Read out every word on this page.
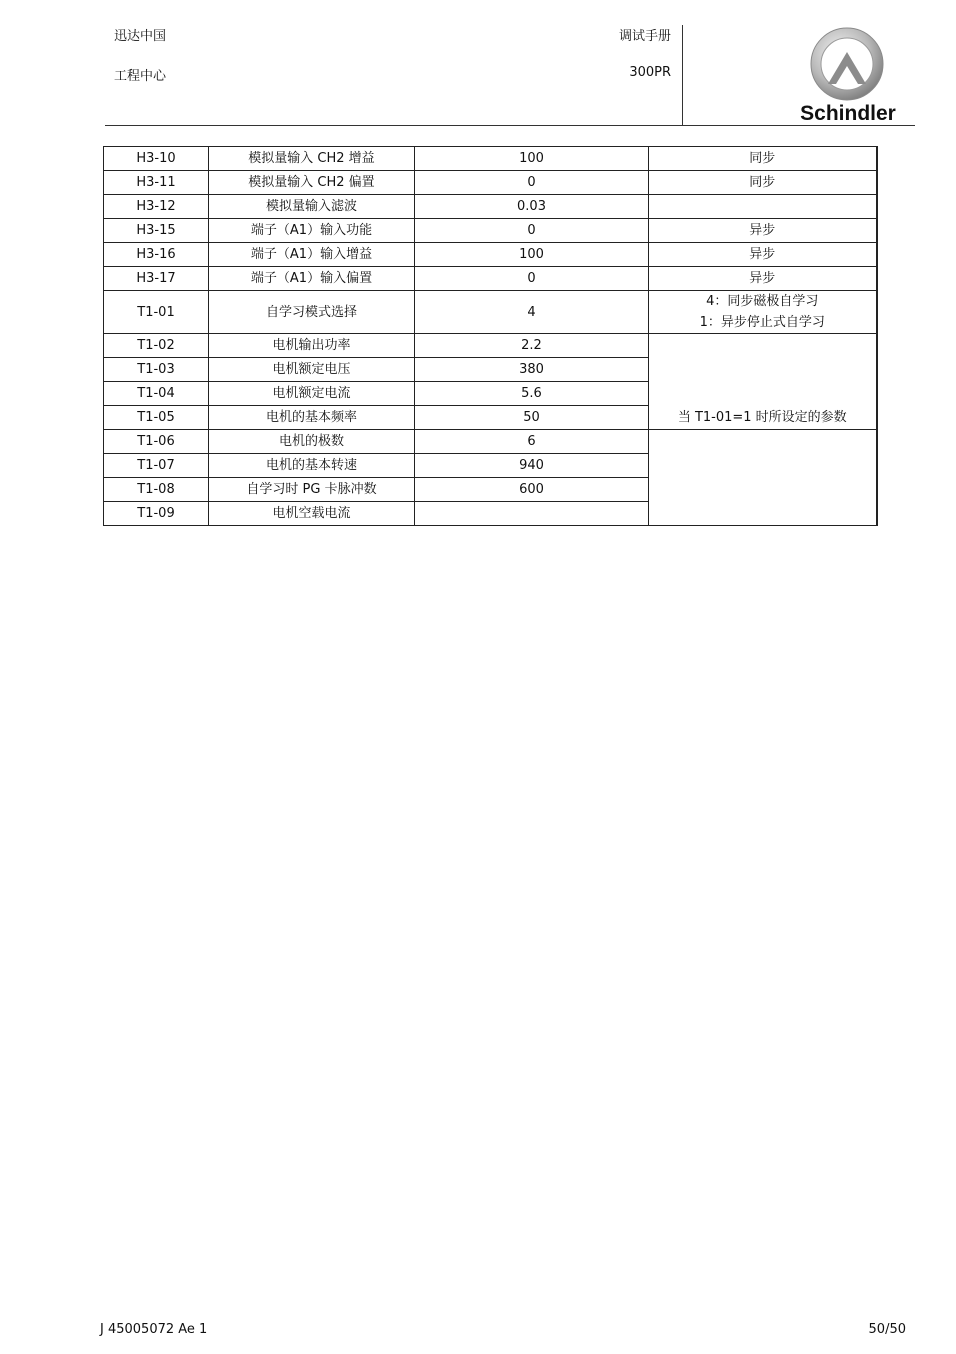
迅达中国
工程中心
调试手册
300PR
Schindler
H3-10	模拟量输入 CH2 增益	100	同步
H3-11	模拟量输入 CH2 偏置	0	同步
H3-12	模拟量输入滤波	0.03	
H3-15	端子（A1）输入功能	0	异步
H3-16	端子（A1）输入增益	100	异步
H3-17	端子（A1）输入偏置	0	异步
T1-01	自学习模式选择	4	4：同步磁极自学习
1：异步停止式自学习

T1-02	电机输出功率	2.2	当 T1-01=1 时所设定的参数
T1-03	电机额定电压	380	
T1-04	电机额定电流	5.6	
T1-05	电机的基本频率	50	
T1-06	电机的极数	6	
T1-07	电机的基本转速	940	
T1-08	自学习时 PG 卡脉冲数	600	
T1-09	电机空载电流		
J 45005072 Ae 1	50/50
